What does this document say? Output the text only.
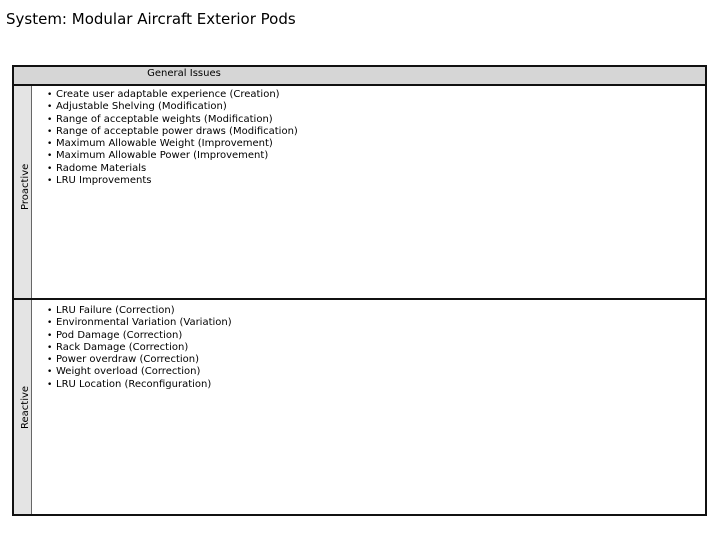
System: Modular Aircraft Exterior Pods
General Issues
Proactive
• Create user adaptable experience (Creation)
• Adjustable Shelving (Modification)
• Range of acceptable weights (Modification)
• Range of acceptable power draws (Modification)
• Maximum Allowable Weight (Improvement)
• Maximum Allowable Power (Improvement)
• Radome Materials
• LRU Improvements
Reactive
• LRU Failure (Correction)
• Environmental Variation (Variation)
• Pod Damage (Correction)
• Rack Damage (Correction)
• Power overdraw (Correction)
• Weight overload (Correction)
• LRU Location (Reconfiguration)
